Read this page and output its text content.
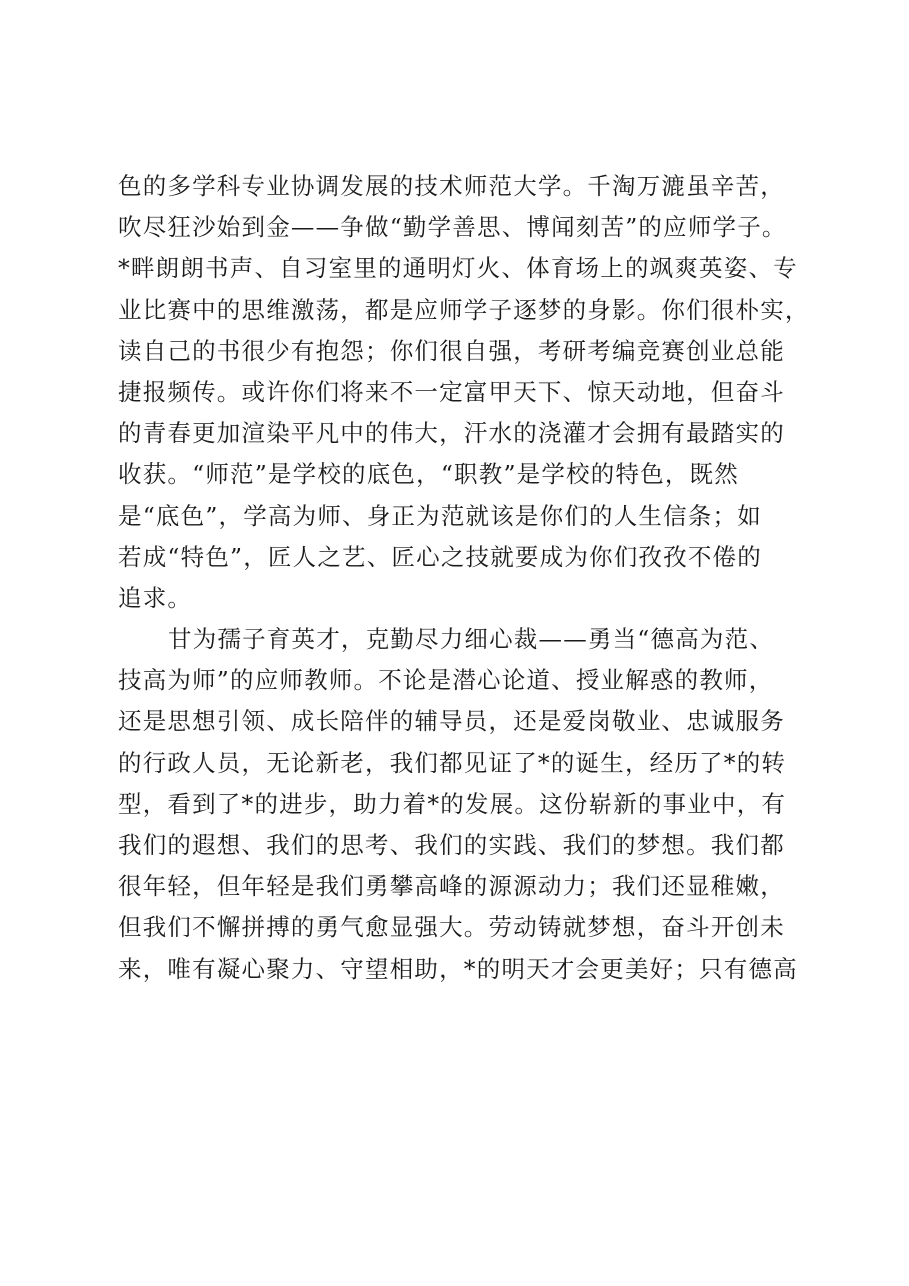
色的多学科专业协调发展的技术师范大学。千淘万漉虽辛苦，
吹尽狂沙始到金——争做“勤学善思、博闻刻苦”的应师学子。
*畔朗朗书声、自习室里的通明灯火、体育场上的飒爽英姿、专
业比赛中的思维激荡，都是应师学子逐梦的身影。你们很朴实，
读自己的书很少有抱怨；你们很自强，考研考编竞赛创业总能
捷报频传。或许你们将来不一定富甲天下、惊天动地，但奋斗
的青春更加渲染平凡中的伟大，汗水的浇灌才会拥有最踏实的
收获。“师范”是学校的底色，“职教”是学校的特色，既然
是“底色”，学高为师、身正为范就该是你们的人生信条；如
若成“特色”，匠人之艺、匠心之技就要成为你们孜孜不倦的
追求。
甘为孺子育英才，克勤尽力细心裁——勇当“德高为范、
技高为师”的应师教师。不论是潜心论道、授业解惑的教师，
还是思想引领、成长陪伴的辅导员，还是爱岗敬业、忠诚服务
的行政人员，无论新老，我们都见证了*的诞生，经历了*的转
型，看到了*的进步，助力着*的发展。这份崭新的事业中，有
我们的遐想、我们的思考、我们的实践、我们的梦想。我们都
很年轻，但年轻是我们勇攀高峰的源源动力；我们还显稚嫩，
但我们不懈拼搏的勇气愈显强大。劳动铸就梦想，奋斗开创未
来，唯有凝心聚力、守望相助，*的明天才会更美好；只有德高
